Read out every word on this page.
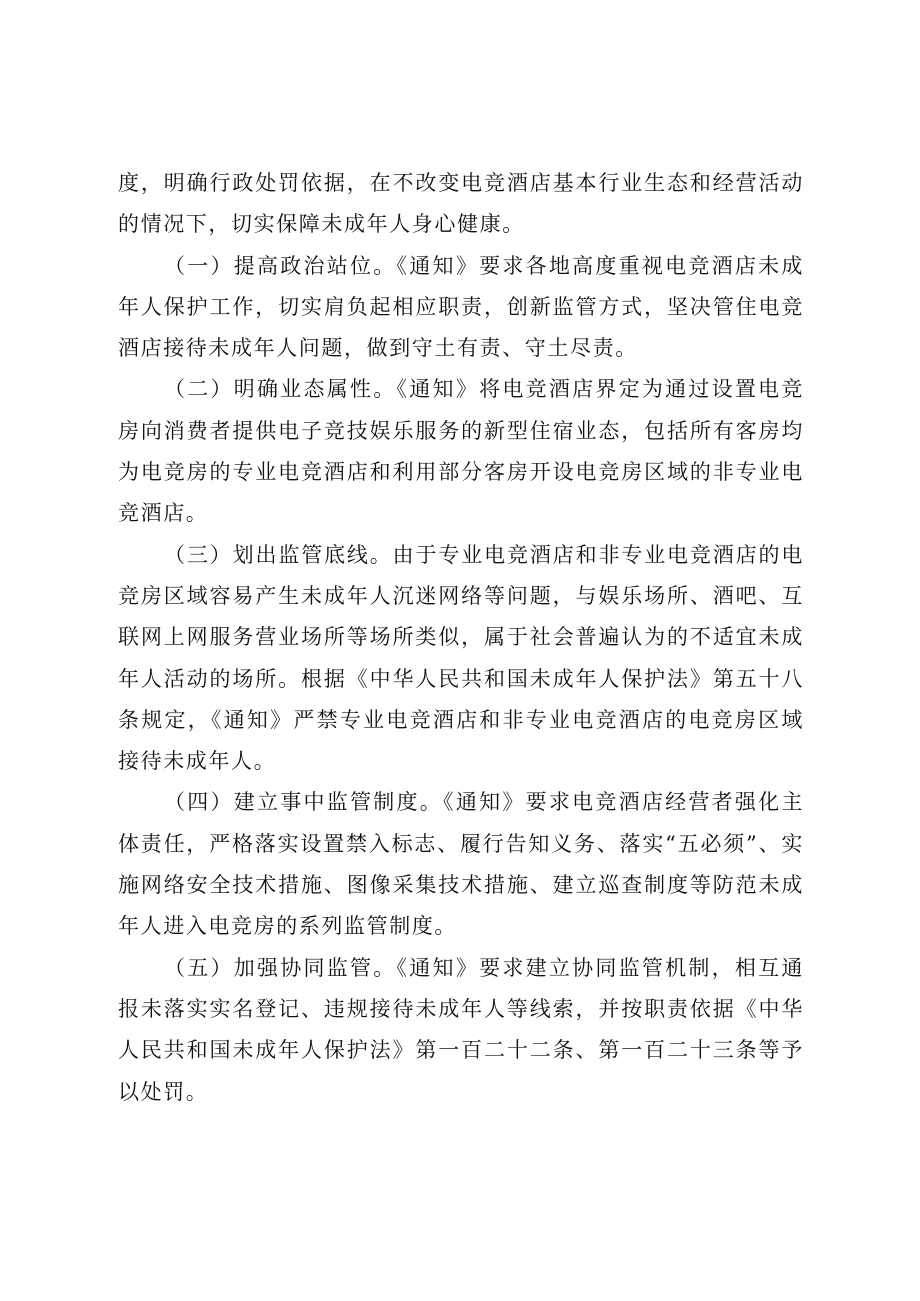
度，明确行政处罚依据，在不改变电竞酒店基本行业生态和经营活动的情况下，切实保障未成年人身心健康。

（一）提高政治站位。《通知》要求各地高度重视电竞酒店未成年人保护工作，切实肩负起相应职责，创新监管方式，坚决管住电竞酒店接待未成年人问题，做到守土有责、守土尽责。

（二）明确业态属性。《通知》将电竞酒店界定为通过设置电竞房向消费者提供电子竞技娱乐服务的新型住宿业态，包括所有客房均为电竞房的专业电竞酒店和利用部分客房开设电竞房区域的非专业电竞酒店。

（三）划出监管底线。由于专业电竞酒店和非专业电竞酒店的电竞房区域容易产生未成年人沉迷网络等问题，与娱乐场所、酒吧、互联网上网服务营业场所等场所类似，属于社会普遍认为的不适宜未成年人活动的场所。根据《中华人民共和国未成年人保护法》第五十八条规定，《通知》严禁专业电竞酒店和非专业电竞酒店的电竞房区域接待未成年人。

（四）建立事中监管制度。《通知》要求电竞酒店经营者强化主体责任，严格落实设置禁入标志、履行告知义务、落实“五必须”、实施网络安全技术措施、图像采集技术措施、建立巡查制度等防范未成年人进入电竞房的系列监管制度。

（五）加强协同监管。《通知》要求建立协同监管机制，相互通报未落实实名登记、违规接待未成年人等线索，并按职责依据《中华人民共和国未成年人保护法》第一百二十二条、第一百二十三条等予以处罚。
